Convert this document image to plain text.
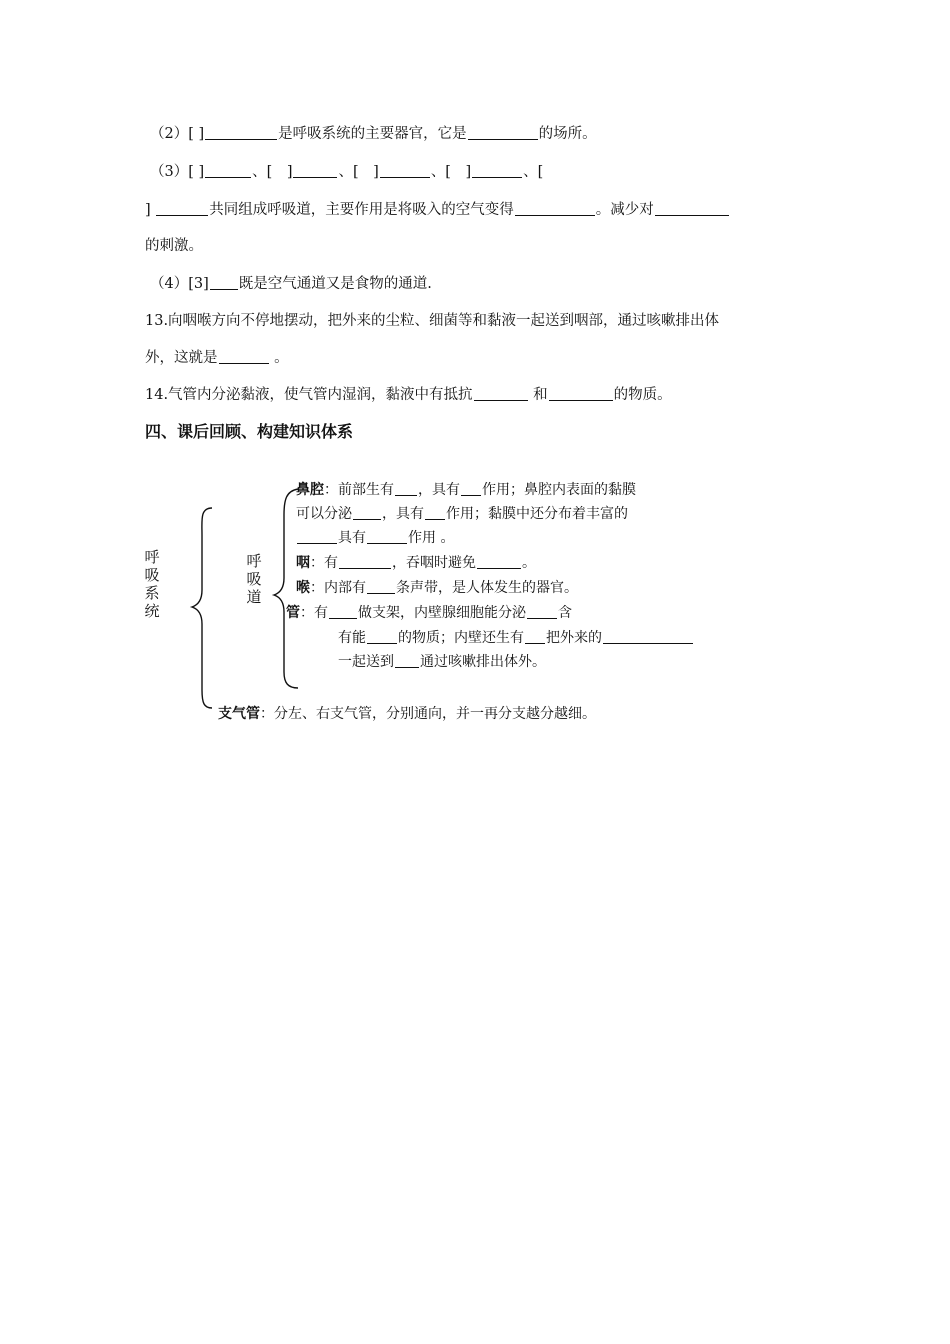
（2）[ ]	是呼吸系统的主要器官，它是	的场所。
（3）[ ]	、[　]	、[　]	、[　]	、[
]	共同组成呼吸道，主要作用是将吸入的空气变得	。减少对
的刺激。
（4）[3] 既是空气通道又是食物的通道.
13.向咽喉方向不停地摆动，把外来的尘粒、细菌等和黏液一起送到咽部，通过咳嗽排出体
外，这就是	。
14.气管内分泌黏液，使气管内湿润，黏液中有抵抗	和	的物质。
四、课后回顾、构建知识体系
呼吸系统
呼吸道
鼻腔：前部生有 ，具有 作用；鼻腔内表面的黏膜
可以分泌 ，具有 作用；黏膜中还分布着丰富的
具有	作用 。
咽：有	，吞咽时避免	。
喉：内部有 条声带，是人体发生的器官。
管：有 做支架，内壁腺细胞能分泌 含
有能 的物质；内壁还生有 把外来的
一起送到 通过咳嗽排出体外。
支气管：分左、右支气管，分别通向，并一再分支越分越细。
